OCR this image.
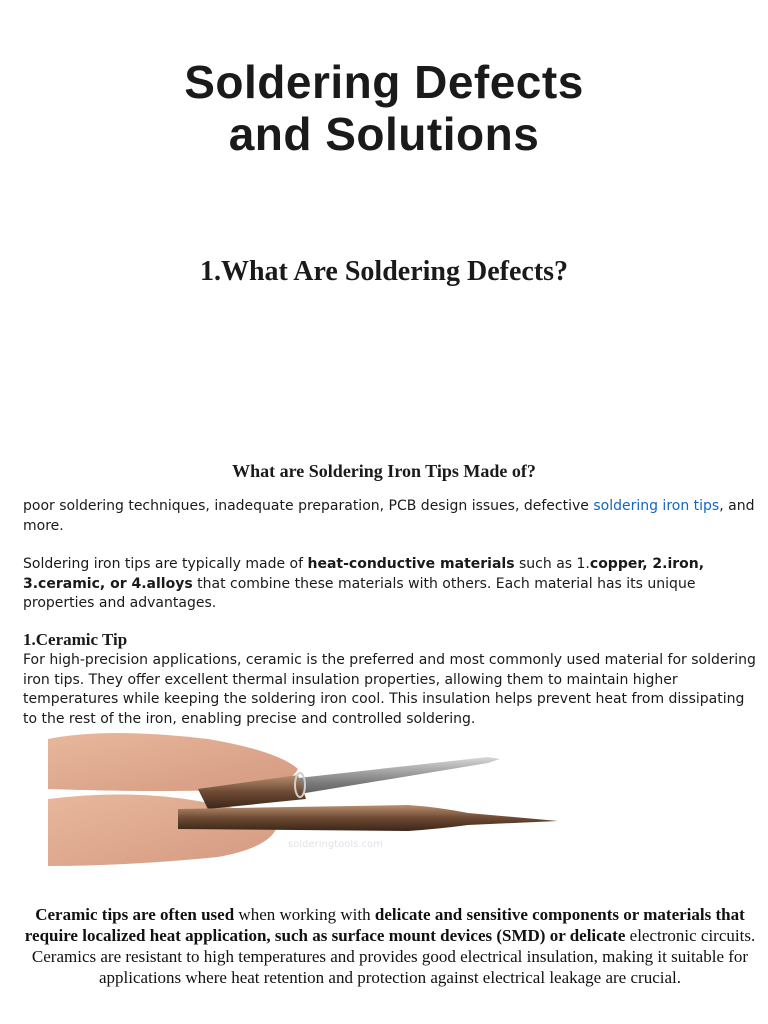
Soldering Defects
and Solutions
1.What Are Soldering Defects?
What are Soldering Iron Tips Made of?

poor soldering techniques, inadequate preparation, PCB design issues, defective soldering iron tips, and more.

Soldering iron tips are typically made of heat-conductive materials such as 1.copper, 2.iron, 3.ceramic, or 4.alloys that combine these materials with others. Each material has its unique properties and advantages.

1.Ceramic Tip

For high-precision applications, ceramic is the preferred and most commonly used material for soldering iron tips. They offer excellent thermal insulation properties, allowing them to maintain higher temperatures while keeping the soldering iron cool. This insulation helps prevent heat from dissipating to the rest of the iron, enabling precise and controlled soldering.

solderingtools.com

Ceramic tips are often used when working with delicate and sensitive components or materials that require localized heat application, such as surface mount devices (SMD) or delicate electronic circuits. Ceramics are resistant to high temperatures and provides good electrical insulation, making it suitable for applications where heat retention and protection against electrical leakage are crucial.
